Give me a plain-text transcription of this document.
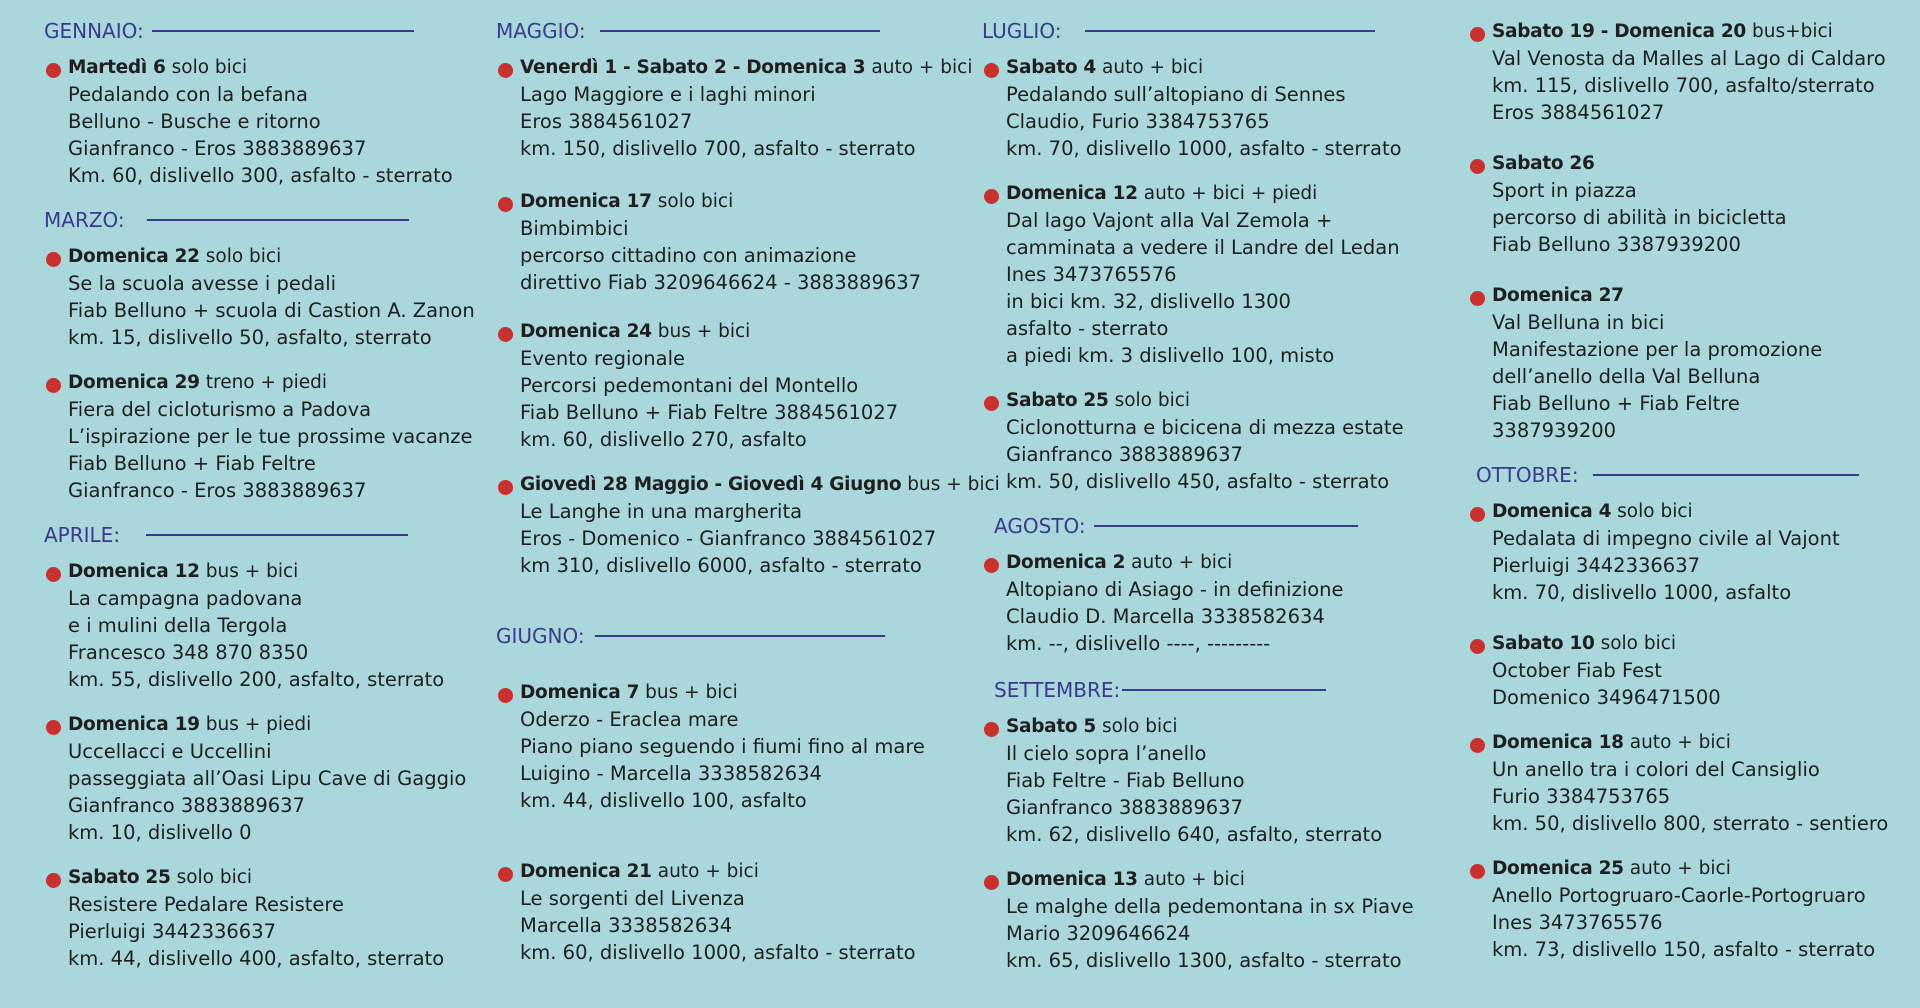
GENNAIO:
Martedì 6 solo bici
Pedalando con la befana
Belluno - Busche e ritorno
Gianfranco - Eros 3883889637
Km. 60, dislivello 300, asfalto - sterrato
MARZO:
Domenica 22 solo bici
Se la scuola avesse i pedali
Fiab Belluno + scuola di Castion A. Zanon
km. 15, dislivello 50, asfalto, sterrato
Domenica 29 treno + piedi
Fiera del cicloturismo a Padova
L’ispirazione per le tue prossime vacanze
Fiab Belluno + Fiab Feltre
Gianfranco - Eros 3883889637
APRILE:
Domenica 12 bus + bici
La campagna padovana
e i mulini della Tergola
Francesco 348 870 8350
km. 55, dislivello 200, asfalto, sterrato
Domenica 19 bus + piedi
Uccellacci e Uccellini
passeggiata all’Oasi Lipu Cave di Gaggio
Gianfranco 3883889637
km. 10, dislivello 0
Sabato 25 solo bici
Resistere Pedalare Resistere
Pierluigi 3442336637
km. 44, dislivello 400, asfalto, sterrato
MAGGIO:
Venerdì 1 - Sabato 2 - Domenica 3 auto + bici
Lago Maggiore e i laghi minori
Eros 3884561027
km. 150, dislivello 700, asfalto - sterrato
Domenica 17 solo bici
Bimbimbici
percorso cittadino con animazione
direttivo Fiab 3209646624 - 3883889637
Domenica 24 bus + bici
Evento regionale
Percorsi pedemontani del Montello
Fiab Belluno + Fiab Feltre 3884561027
km. 60, dislivello 270, asfalto
Giovedì 28 Maggio - Giovedì 4 Giugno bus + bici
Le Langhe in una margherita
Eros - Domenico - Gianfranco 3884561027
km 310, dislivello 6000, asfalto - sterrato
GIUGNO:
Domenica 7 bus + bici
Oderzo - Eraclea mare
Piano piano seguendo i fiumi fino al mare
Luigino - Marcella 3338582634
km. 44, dislivello 100, asfalto
Domenica 21 auto + bici
Le sorgenti del Livenza
Marcella 3338582634
km. 60, dislivello 1000, asfalto - sterrato
LUGLIO:
Sabato 4 auto + bici
Pedalando sull’altopiano di Sennes
Claudio, Furio 3384753765
km. 70, dislivello 1000, asfalto - sterrato
Domenica 12 auto + bici + piedi
Dal lago Vajont alla Val Zemola +
camminata a vedere il Landre del Ledan
Ines 3473765576
in bici km. 32, dislivello 1300
asfalto - sterrato
a piedi km. 3 dislivello 100, misto
Sabato 25 solo bici
Ciclonotturna e bicicena di mezza estate
Gianfranco 3883889637
km. 50, dislivello 450, asfalto - sterrato
AGOSTO:
Domenica 2 auto + bici
Altopiano di Asiago - in definizione
Claudio D. Marcella 3338582634
km. --, dislivello ----, ---------
SETTEMBRE:
Sabato 5 solo bici
Il cielo sopra l’anello
Fiab Feltre - Fiab Belluno
Gianfranco 3883889637
km. 62, dislivello 640, asfalto, sterrato
Domenica 13 auto + bici
Le malghe della pedemontana in sx Piave
Mario 3209646624
km. 65, dislivello 1300, asfalto - sterrato
Sabato 19 - Domenica 20 bus+bici
Val Venosta da Malles al Lago di Caldaro
km. 115, dislivello 700, asfalto/sterrato
Eros 3884561027
Sabato 26
Sport in piazza
percorso di abilità in bicicletta
Fiab Belluno 3387939200
Domenica 27
Val Belluna in bici
Manifestazione per la promozione
dell’anello della Val Belluna
Fiab Belluno + Fiab Feltre
3387939200
OTTOBRE:
Domenica 4 solo bici
Pedalata di impegno civile al Vajont
Pierluigi 3442336637
km. 70, dislivello 1000, asfalto
Sabato 10 solo bici
October Fiab Fest
Domenico 3496471500
Domenica 18 auto + bici
Un anello tra i colori del Cansiglio
Furio 3384753765
km. 50, dislivello 800, sterrato - sentiero
Domenica 25 auto + bici
Anello Portogruaro-Caorle-Portogruaro
Ines 3473765576
km. 73, dislivello 150, asfalto - sterrato
